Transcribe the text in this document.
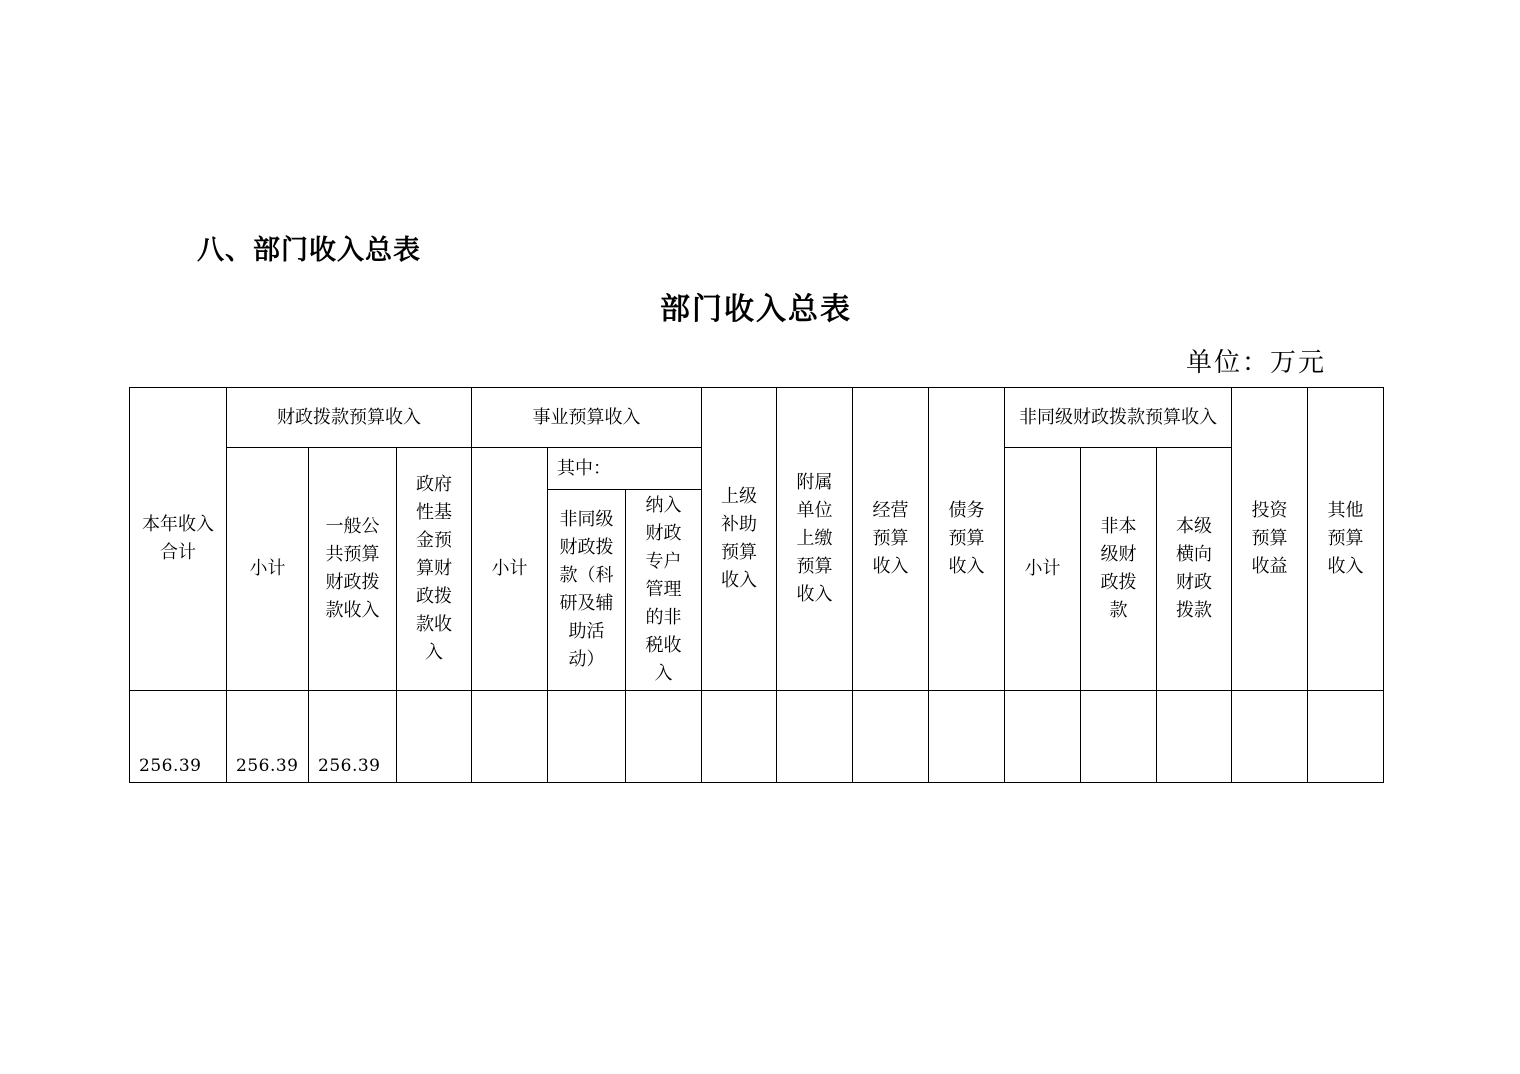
八、部门收入总表
部门收入总表
单位：万元
本年收入合计	财政拨款预算收入			事业预算收入			上级补助预算收入	附属单位上缴预算收入	经营预算收入	债务预算收入	非同级财政拨款预算收入			投资预算收益	其他预算收入
	小计	一般公共预算财政拨款收入	政府性基金预算财政拨款收入	小计	其中：						小计	非本级财政拨款	本级横向财政拨款		
					非同级财政拨款（科研及辅助活动）	纳入财政专户管理的非税收入									
256.39	256.39	256.39													
